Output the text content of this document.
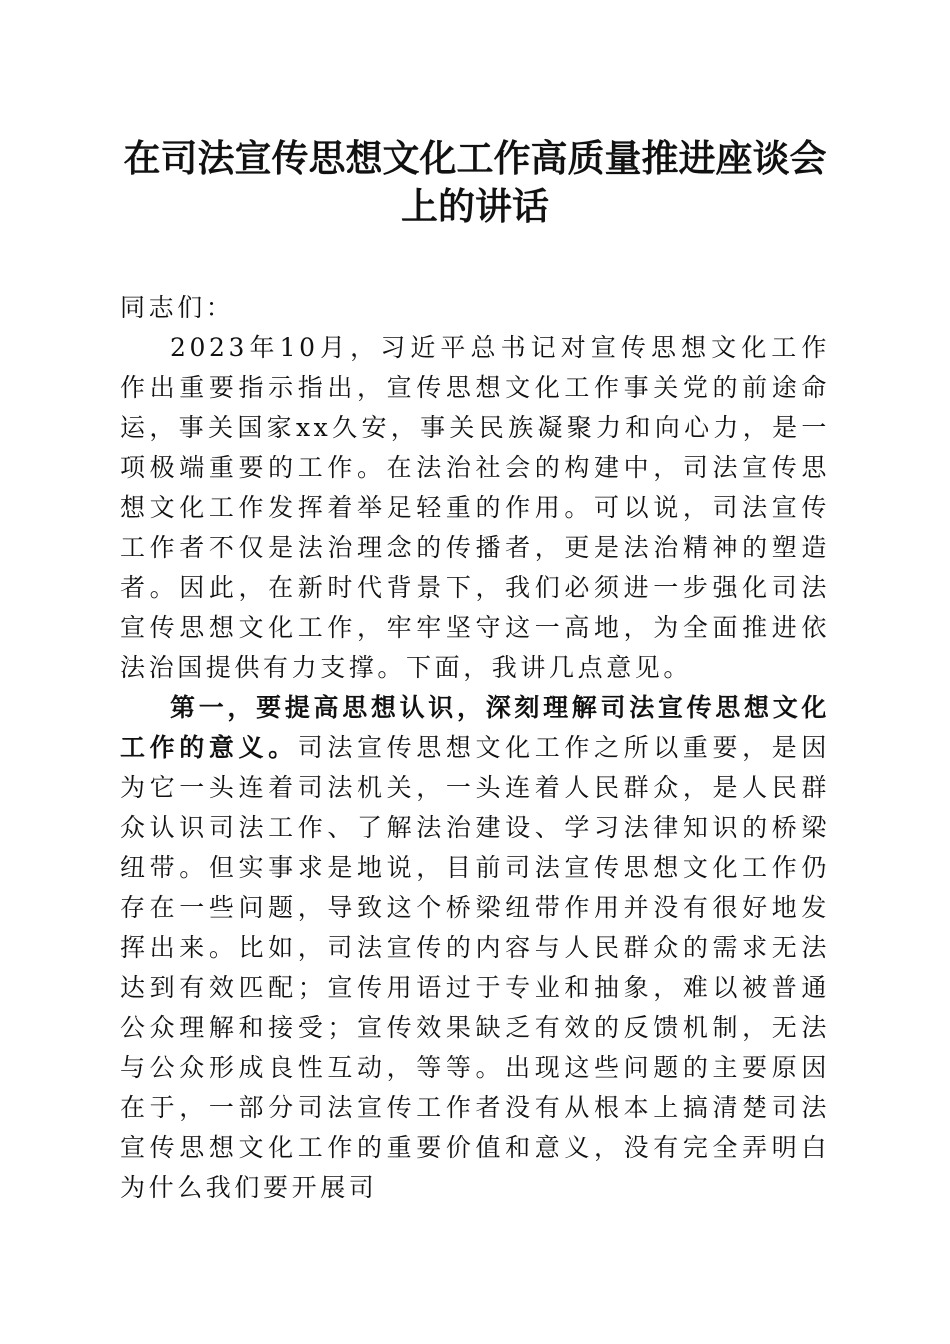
在司法宣传思想文化工作高质量推进座谈会上的讲话

同志们：

2023年10月，习近平总书记对宣传思想文化工作作出重要指示指出，宣传思想文化工作事关党的前途命运，事关国家xx久安，事关民族凝聚力和向心力，是一项极端重要的工作。在法治社会的构建中，司法宣传思想文化工作发挥着举足轻重的作用。可以说，司法宣传工作者不仅是法治理念的传播者，更是法治精神的塑造者。因此，在新时代背景下，我们必须进一步强化司法宣传思想文化工作，牢牢坚守这一高地，为全面推进依法治国提供有力支撑。下面，我讲几点意见。

第一，要提高思想认识，深刻理解司法宣传思想文化工作的意义。司法宣传思想文化工作之所以重要，是因为它一头连着司法机关，一头连着人民群众，是人民群众认识司法工作、了解法治建设、学习法律知识的桥梁纽带。但实事求是地说，目前司法宣传思想文化工作仍存在一些问题，导致这个桥梁纽带作用并没有很好地发挥出来。比如，司法宣传的内容与人民群众的需求无法达到有效匹配；宣传用语过于专业和抽象，难以被普通公众理解和接受；宣传效果缺乏有效的反馈机制，无法与公众形成良性互动，等等。出现这些问题的主要原因在于，一部分司法宣传工作者没有从根本上搞清楚司法宣传思想文化工作的重要价值和意义，没有完全弄明白为什么我们要开展司
